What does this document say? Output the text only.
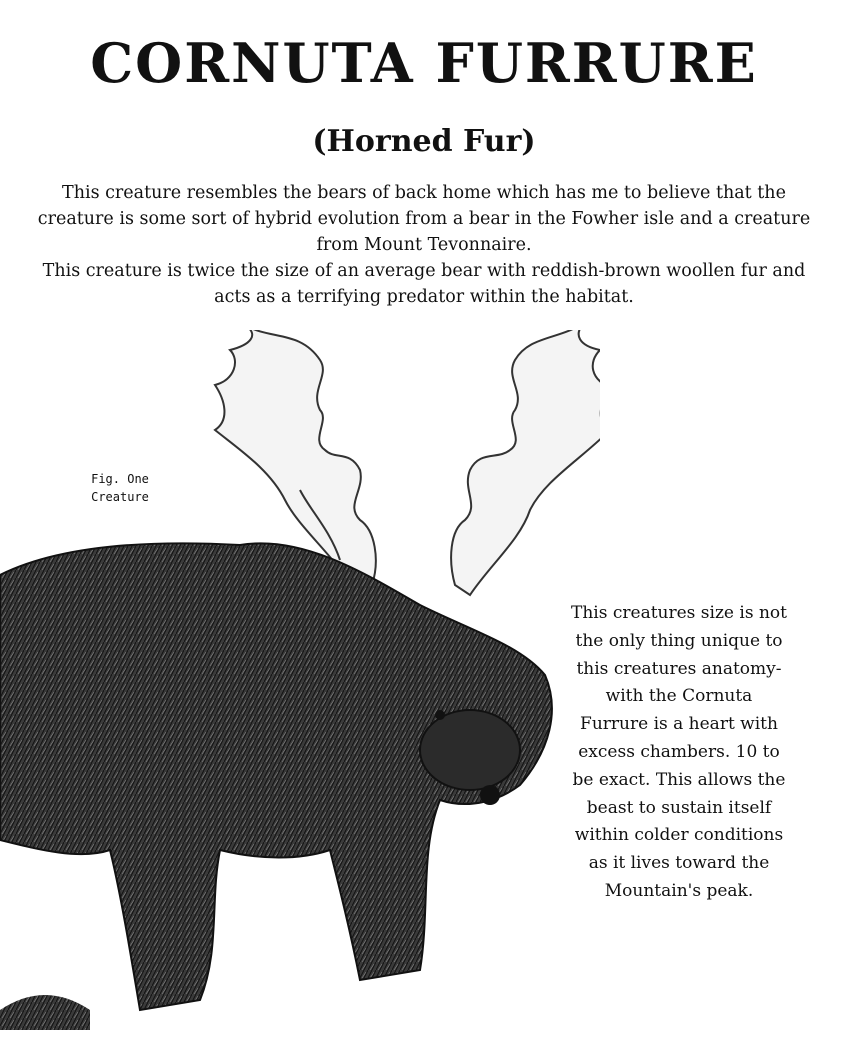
CORNUTA FURRURE
(Horned Fur)

This creature resembles the bears of back home which has me to believe that the creature is some sort of hybrid evolution from a bear in the Fowher isle and a creature from Mount Tevonnaire.

This creature is twice the size of an average bear with reddish-brown woollen fur and acts as a terrifying predator within the habitat.

Fig. One Creature

This creatures size is not the only thing unique to this creatures anatomy- with the Cornuta Furrure is a heart with excess chambers. 10 to be exact. This allows the beast to sustain itself within colder conditions as it lives toward the Mountain's peak.
